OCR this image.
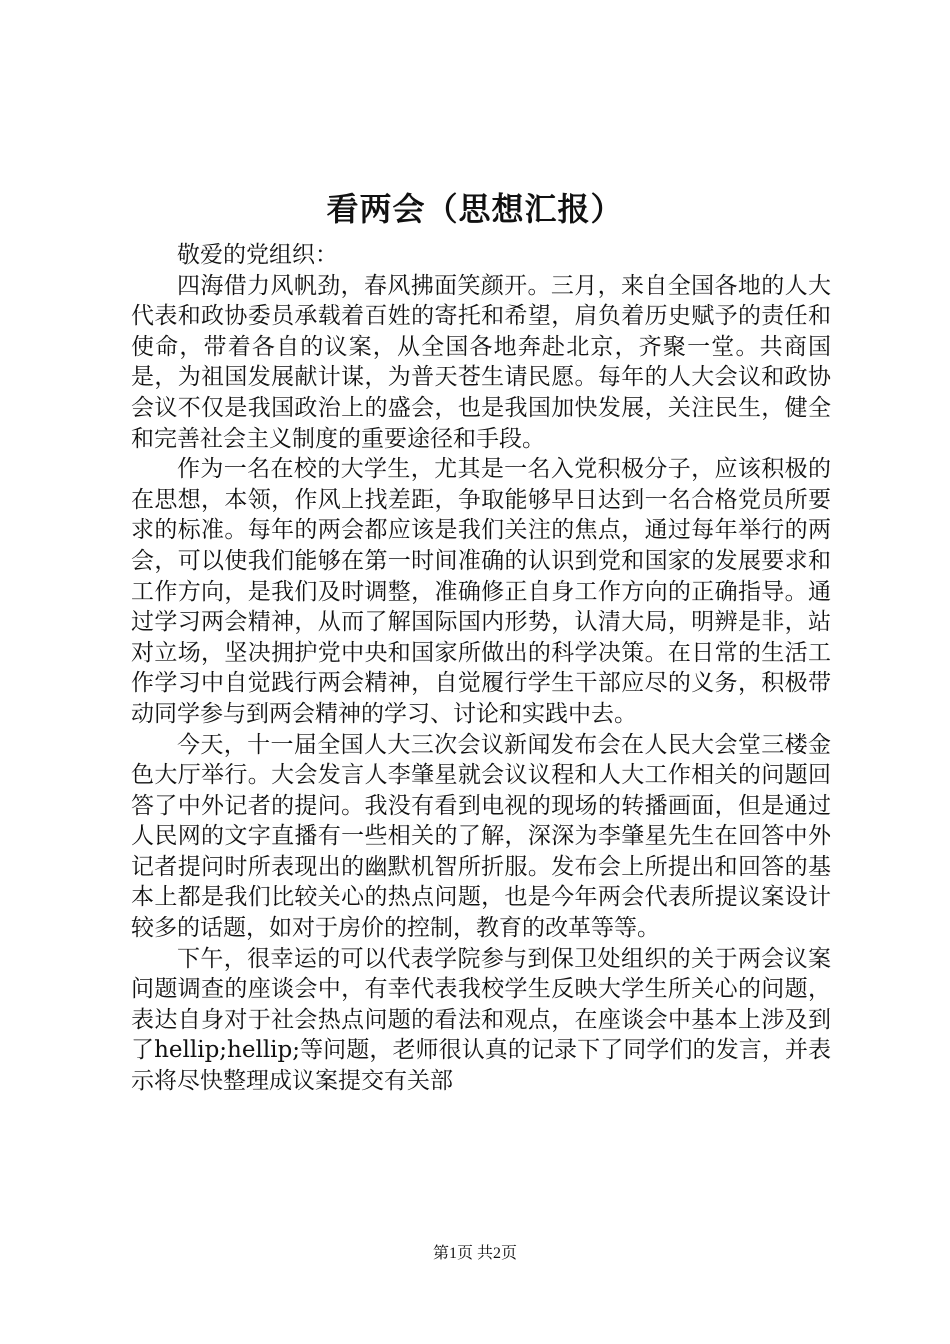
看两会（思想汇报）

敬爱的党组织：

四海借力风帆劲，春风拂面笑颜开。三月，来自全国各地的人大代表和政协委员承载着百姓的寄托和希望，肩负着历史赋予的责任和使命，带着各自的议案，从全国各地奔赴北京，齐聚一堂。共商国是，为祖国发展献计谋，为普天苍生请民愿。每年的人大会议和政协会议不仅是我国政治上的盛会，也是我国加快发展，关注民生，健全和完善社会主义制度的重要途径和手段。

作为一名在校的大学生，尤其是一名入党积极分子，应该积极的在思想，本领，作风上找差距，争取能够早日达到一名合格党员所要求的标准。每年的两会都应该是我们关注的焦点，通过每年举行的两会，可以使我们能够在第一时间准确的认识到党和国家的发展要求和工作方向，是我们及时调整，准确修正自身工作方向的正确指导。通过学习两会精神，从而了解国际国内形势，认清大局，明辨是非，站对立场，坚决拥护党中央和国家所做出的科学决策。在日常的生活工作学习中自觉践行两会精神，自觉履行学生干部应尽的义务，积极带动同学参与到两会精神的学习、讨论和实践中去。

今天，十一届全国人大三次会议新闻发布会在人民大会堂三楼金色大厅举行。大会发言人李肇星就会议议程和人大工作相关的问题回答了中外记者的提问。我没有看到电视的现场的转播画面，但是通过人民网的文字直播有一些相关的了解，深深为李肇星先生在回答中外记者提问时所表现出的幽默机智所折服。发布会上所提出和回答的基本上都是我们比较关心的热点问题，也是今年两会代表所提议案设计较多的话题，如对于房价的控制，教育的改革等等。

下午，很幸运的可以代表学院参与到保卫处组织的关于两会议案问题调查的座谈会中，有幸代表我校学生反映大学生所关心的问题，表达自身对于社会热点问题的看法和观点，在座谈会中基本上涉及到了hellip;hellip;等问题，老师很认真的记录下了同学们的发言，并表示将尽快整理成议案提交有关部

第1页 共2页
